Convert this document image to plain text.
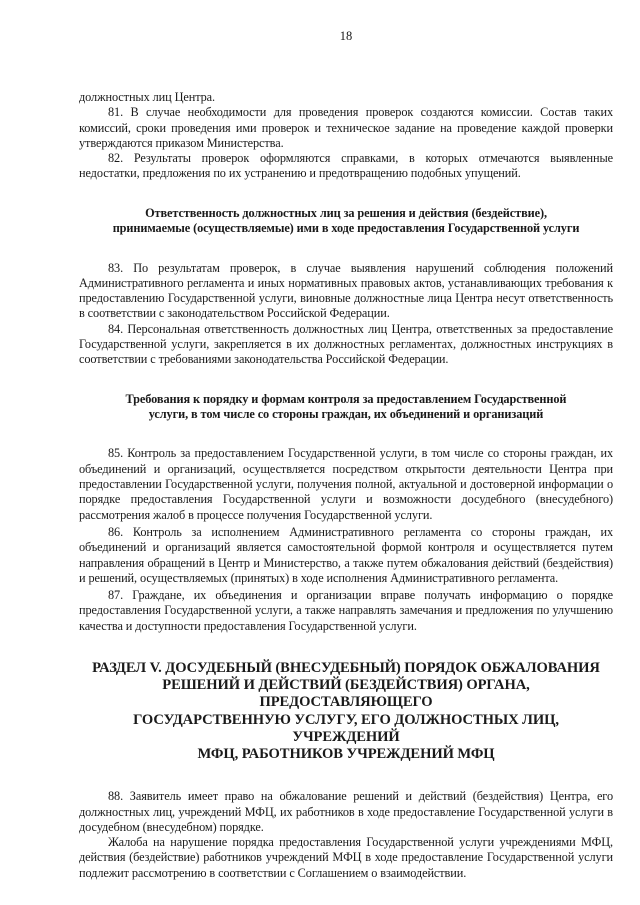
18

должностных лиц Центра.

81. В случае необходимости для проведения проверок создаются комиссии. Состав таких комиссий, сроки проведения ими проверок и техническое задание на проведение каждой проверки утверждаются приказом Министерства.

82. Результаты проверок оформляются справками, в которых отмечаются выявленные недостатки, предложения по их устранению и предотвращению подобных упущений.

Ответственность должностных лиц за решения и действия (бездействие),
принимаемые (осуществляемые) ими в ходе предоставления Государственной услуги

83. По результатам проверок, в случае выявления нарушений соблюдения положений Административного регламента и иных нормативных правовых актов, устанавливающих требования к предоставлению Государственной услуги, виновные должностные лица Центра несут ответственность в соответствии с законодательством Российской Федерации.

84. Персональная ответственность должностных лиц Центра, ответственных за предоставление Государственной услуги, закрепляется в их должностных регламентах, должностных инструкциях в соответствии с требованиями законодательства Российской Федерации.

Требования к порядку и формам контроля за предоставлением Государственной
услуги, в том числе со стороны граждан, их объединений и организаций

85. Контроль за предоставлением Государственной услуги, в том числе со стороны граждан, их объединений и организаций, осуществляется посредством открытости деятельности Центра при предоставлении Государственной услуги, получения полной, актуальной и достоверной информации о порядке предоставления Государственной услуги и возможности досудебного (внесудебного) рассмотрения жалоб в процессе получения Государственной услуги.

86. Контроль за исполнением Административного регламента со стороны граждан, их объединений и организаций является самостоятельной формой контроля и осуществляется путем направления обращений в Центр и Министерство, а также путем обжалования действий (бездействия) и решений, осуществляемых (принятых) в ходе исполнения Административного регламента.

87. Граждане, их объединения и организации вправе получать информацию о порядке предоставления Государственной услуги, а также направлять замечания и предложения по улучшению качества и доступности предоставления Государственной услуги.

РАЗДЕЛ V. ДОСУДЕБНЫЙ (ВНЕСУДЕБНЫЙ) ПОРЯДОК ОБЖАЛОВАНИЯ
РЕШЕНИЙ И ДЕЙСТВИЙ (БЕЗДЕЙСТВИЯ) ОРГАНА, ПРЕДОСТАВЛЯЮЩЕГО
ГОСУДАРСТВЕННУЮ УСЛУГУ, ЕГО ДОЛЖНОСТНЫХ ЛИЦ, УЧРЕЖДЕНИЙ
МФЦ, РАБОТНИКОВ УЧРЕЖДЕНИЙ МФЦ

88. Заявитель имеет право на обжалование решений и действий (бездействия) Центра, его должностных лиц, учреждений МФЦ, их работников в ходе предоставление Государственной услуги в досудебном (внесудебном) порядке.

Жалоба на нарушение порядка предоставления Государственной услуги учреждениями МФЦ, действия (бездействие) работников учреждений МФЦ в ходе предоставление Государственной услуги подлежит рассмотрению в соответствии с Соглашением о взаимодействии.
